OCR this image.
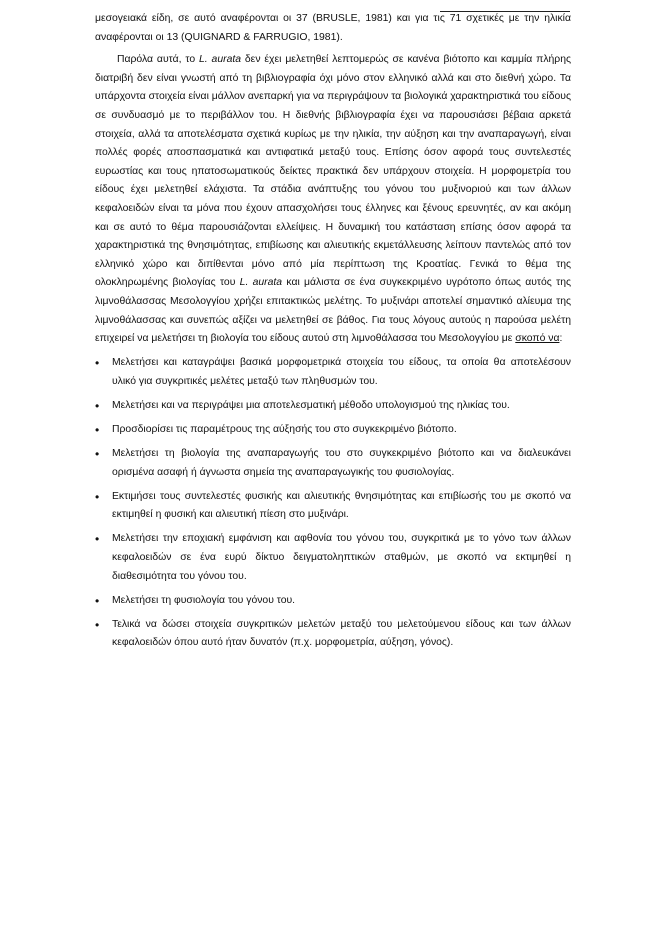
μεσογειακά είδη, σε αυτό αναφέρονται οι 37 (BRUSLE, 1981) και για τις 71 σχετικές με την ηλικία αναφέρονται οι 13 (QUIGNARD & FARRUGIO, 1981).

Παρόλα αυτά, το L. aurata δεν έχει μελετηθεί λεπτομερώς σε κανένα βιότοπο και καμμία πλήρης διατριβή δεν είναι γνωστή από τη βιβλιογραφία όχι μόνο στον ελληνικό αλλά και στο διεθνή χώρο. Τα υπάρχοντα στοιχεία είναι μάλλον ανεπαρκή για να περιγράψουν τα βιολογικά χαρακτηριστικά του είδους σε συνδυασμό με το περιβάλλον του. Η διεθνής βιβλιογραφία έχει να παρουσιάσει βέβαια αρκετά στοιχεία, αλλά τα αποτελέσματα σχετικά κυρίως με την ηλικία, την αύξηση και την αναπαραγωγή, είναι πολλές φορές αποσπασματικά και αντιφατικά μεταξύ τους. Επίσης όσον αφορά τους συντελεστές ευρωστίας και τους ηπατοσωματικούς δείκτες πρακτικά δεν υπάρχουν στοιχεία. Η μορφομετρία του είδους έχει μελετηθεί ελάχιστα. Τα στάδια ανάπτυξης του γόνου του μυξινοριού και των άλλων κεφαλοειδών είναι τα μόνα που έχουν απασχολήσει τους έλληνες και ξένους ερευνητές, αν και ακόμη και σε αυτό το θέμα παρουσιάζονται ελλείψεις. Η δυναμική του κατάσταση επίσης όσον αφορά τα χαρακτηριστικά της θνησιμότητας, επιβίωσης και αλιευτικής εκμετάλλευσης λείπουν παντελώς από τον ελληνικό χώρο και διπίθενται μόνο από μία περίπτωση της Κροατίας. Γενικά το θέμα της ολοκληρωμένης βιολογίας του L. aurata και μάλιστα σε ένα συγκεκριμένο υγρότοπο όπως αυτός της λιμνοθάλασσας Μεσολογγίου χρήζει επιτακτικώς μελέτης. Το μυξινάρι αποτελεί σημαντικό αλίευμα της λιμνοθάλασσας και συνεπώς αξίζει να μελετηθεί σε βάθος. Για τους λόγους αυτούς η παρούσα μελέτη επιχειρεί να μελετήσει τη βιολογία του είδους αυτού στη λιμνοθάλασσα του Μεσολογγίου με σκοπό να:

• Μελετήσει και καταγράψει βασικά μορφομετρικά στοιχεία του είδους, τα οποία θα αποτελέσουν υλικό για συγκριτικές μελέτες μεταξύ των πληθυσμών του.
• Μελετήσει και να περιγράψει μια αποτελεσματική μέθοδο υπολογισμού της ηλικίας του.
• Προσδιορίσει τις παραμέτρους της αύξησής του στο συγκεκριμένο βιότοπο.
• Μελετήσει τη βιολογία της αναπαραγωγής του στο συγκεκριμένο βιότοπο και να διαλευκάνει ορισμένα ασαφή ή άγνωστα σημεία της αναπαραγωγικής του φυσιολογίας.
• Εκτιμήσει τους συντελεστές φυσικής και αλιευτικής θνησιμότητας και επιβίωσής του με σκοπό να εκτιμηθεί η φυσική και αλιευτική πίεση στο μυξινάρι.
• Μελετήσει την εποχιακή εμφάνιση και αφθονία του γόνου του, συγκριτικά με το γόνο των άλλων κεφαλοειδών σε ένα ευρύ δίκτυο δειγματοληπτικών σταθμών, με σκοπό να εκτιμηθεί η διαθεσιμότητα του γόνου του.
• Μελετήσει τη φυσιολογία του γόνου του.
• Τελικά να δώσει στοιχεία συγκριτικών μελετών μεταξύ του μελετούμενου είδους και των άλλων κεφαλοειδών όπου αυτό ήταν δυνατόν (π.χ. μορφομετρία, αύξηση, γόνος).
